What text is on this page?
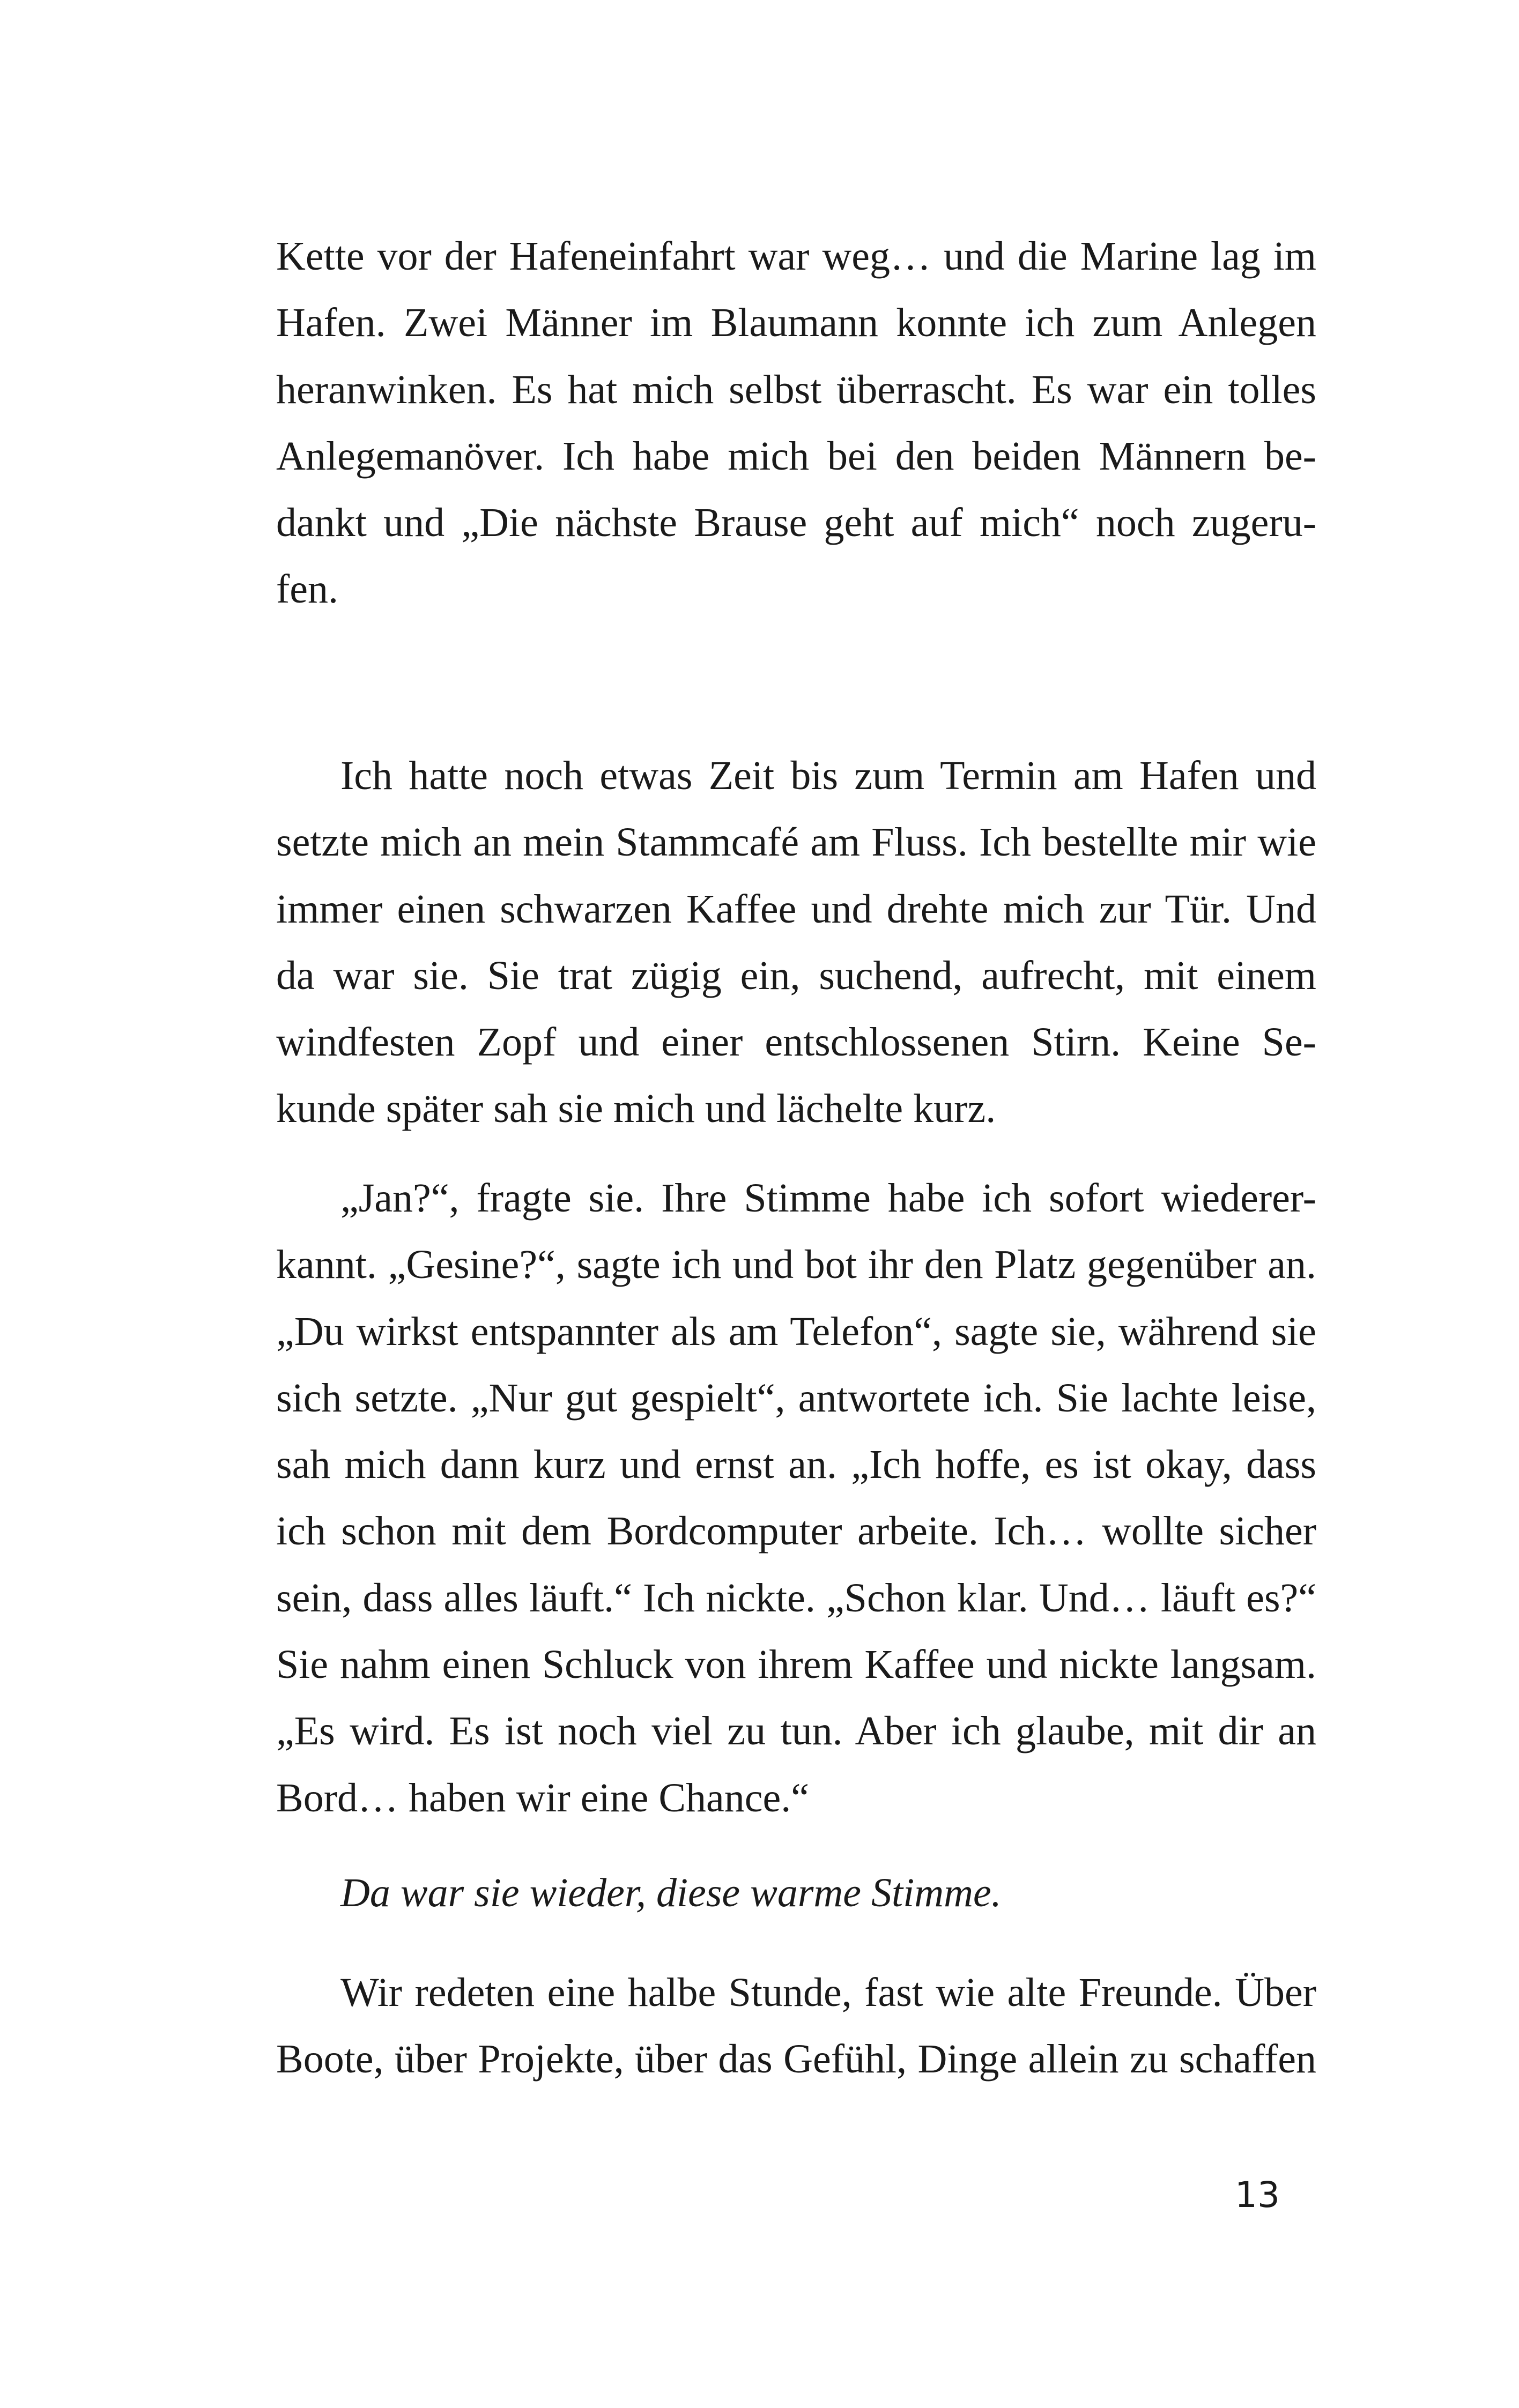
Kette vor der Hafeneinfahrt war weg… und die Marine lag im
Hafen. Zwei Männer im Blaumann konnte ich zum Anlegen
heranwinken. Es hat mich selbst überrascht. Es war ein tolles
Anlegemanöver. Ich habe mich bei den beiden Männern be-
dankt und „Die nächste Brause geht auf mich“ noch zugeru-
fen.
Ich hatte noch etwas Zeit bis zum Termin am Hafen und
setzte mich an mein Stammcafé am Fluss. Ich bestellte mir wie
immer einen schwarzen Kaffee und drehte mich zur Tür. Und
da war sie. Sie trat zügig ein, suchend, aufrecht, mit einem
windfesten Zopf und einer entschlossenen Stirn. Keine Se-
kunde später sah sie mich und lächelte kurz.
„Jan?“, fragte sie. Ihre Stimme habe ich sofort wiederer-
kannt. „Gesine?“, sagte ich und bot ihr den Platz gegenüber an.
„Du wirkst entspannter als am Telefon“, sagte sie, während sie
sich setzte. „Nur gut gespielt“, antwortete ich. Sie lachte leise,
sah mich dann kurz und ernst an. „Ich hoffe, es ist okay, dass
ich schon mit dem Bordcomputer arbeite. Ich… wollte sicher
sein, dass alles läuft.“ Ich nickte. „Schon klar. Und… läuft es?“
Sie nahm einen Schluck von ihrem Kaffee und nickte langsam.
„Es wird. Es ist noch viel zu tun. Aber ich glaube, mit dir an
Bord… haben wir eine Chance.“
Da war sie wieder, diese warme Stimme.
Wir redeten eine halbe Stunde, fast wie alte Freunde. Über
Boote, über Projekte, über das Gefühl, Dinge allein zu schaffen
13
